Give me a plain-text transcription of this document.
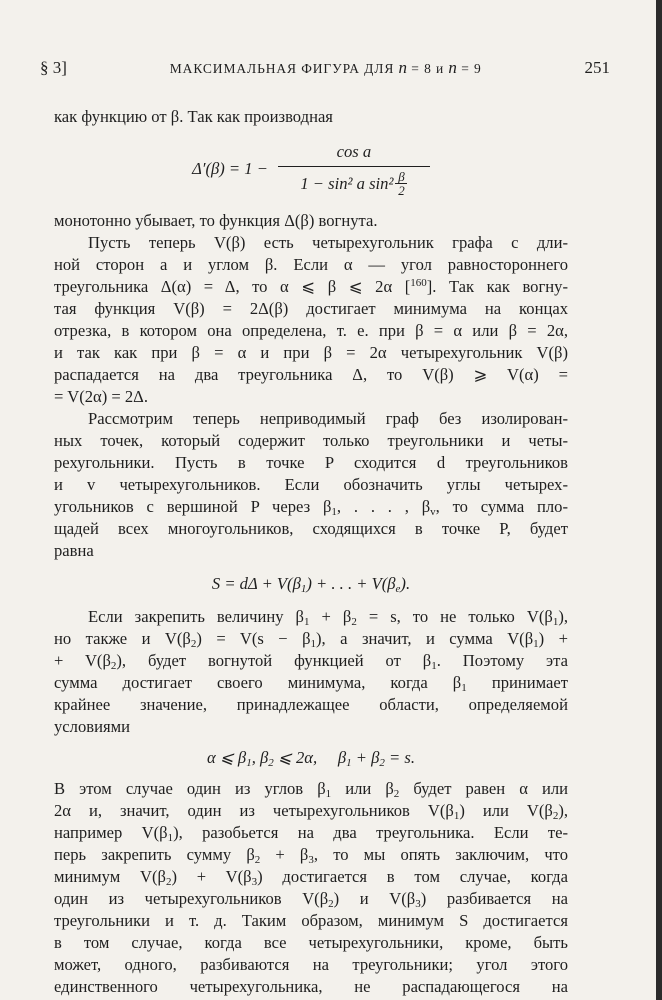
§ 3]	МАКСИМАЛЬНАЯ ФИГУРА ДЛЯ n = 8 и n = 9	251

как функцию от β. Так как производная

Δ′(β) = 1 − cos a
1 − sin² a sin² β
2

монотонно убывает, то функция Δ(β) вогнута.

Пусть теперь V(β) есть четырехугольник графа с дли-

ной сторон a и углом β. Если α — угол равностороннего

треугольника Δ(α) = Δ, то α ⩽ β ⩽ 2α [$^{160}$]. Так как вогну-

тая функция V(β) = 2Δ(β) достигает минимума на концах

отрезка, в котором она определена, т. е. при β = α или β = 2α,

и так как при β = α и при β = 2α четырехугольник V(β)

распадается на два треугольника Δ, то V(β) ⩾ V(α) =

= V(2α) = 2Δ.

Рассмотрим теперь неприводимый граф без изолирован-

ных точек, который содержит только треугольники и четы-

рехугольники. Пусть в точке P сходится d треугольников

и v четырехугольников. Если обозначить углы четырех-

угольников с вершиной P через $\beta_1$, . . . , $\beta_v$, то сумма пло-

щадей всех многоугольников, сходящихся в точке P, будет

равна

$S = d\Delta + V(\beta_1)$ + . . . + $V(\beta_e)$.

Если закрепить величину $\beta_1 + \beta_2 = s$, то не только $V(\beta_1)$,

но также и $V(\beta_2) = V(s - \beta_1)$, а значит, и сумма $V(\beta_1)$ +

+ $V(\beta_2)$, будет вогнутой функцией от $\beta_1$. Поэтому эта

сумма достигает своего минимума, когда $\beta_1$ принимает

крайнее значение, принадлежащее области, определяемой

условиями

α ⩽ $\beta_1$, $\beta_2$ ⩽ 2α,     $\beta_1 + \beta_2 = s$.

В этом случае один из углов $\beta_1$ или $\beta_2$ будет равен α или

2α и, значит, один из четырехугольников $V(\beta_1)$ или $V(\beta_2)$,

например $V(\beta_1)$, разобьется на два треугольника. Если те-

перь закрепить сумму $\beta_2 + \beta_3$, то мы опять заключим, что

минимум $V(\beta_2) + V(\beta_3)$ достигается в том случае, когда

один из четырехугольников $V(\beta_2)$ и $V(\beta_3)$ разбивается на

треугольники и т. д. Таким образом, минимум S достигается

в том случае, когда все четырехугольники, кроме, быть

может, одного, разбиваются на треугольники; угол этого

единственного четырехугольника, не распадающегося на
